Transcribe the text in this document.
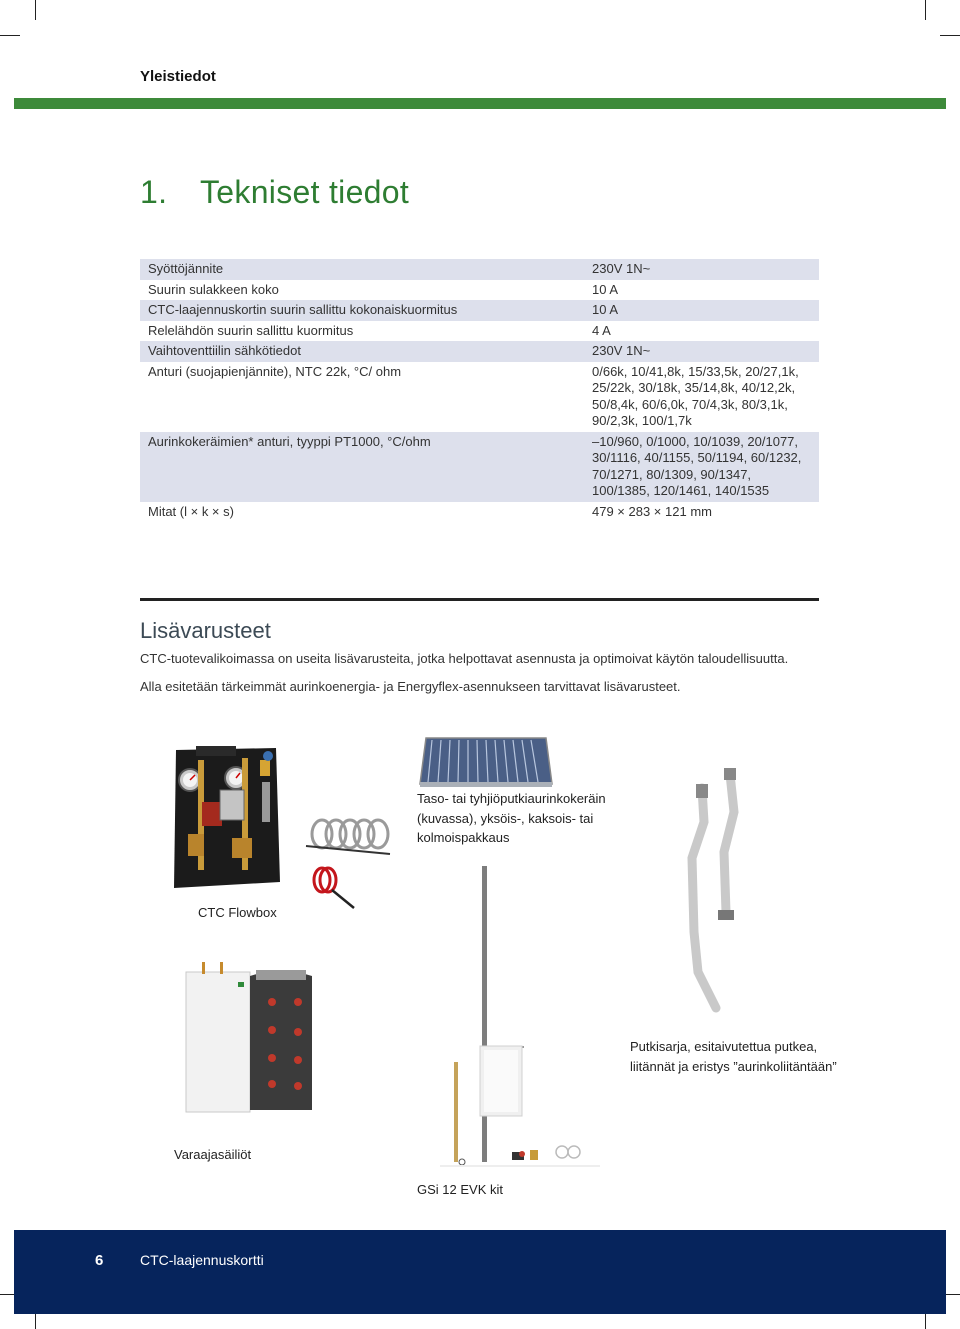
Yleistiedot
1. Tekniset tiedot
Syöttöjännite	230V 1N~
Suurin sulakkeen koko	10 A
CTC-laajennuskortin suurin sallittu kokonaiskuormitus	10 A
Relelähdön suurin sallittu kuormitus	4 A
Vaihtoventtiilin sähkötiedot	230V 1N~
Anturi (suojapienjännite), NTC 22k, °C/ ohm	0/66k, 10/41,8k, 15/33,5k, 20/27,1k, 25/22k, 30/18k, 35/14,8k, 40/12,2k, 50/8,4k, 60/6,0k, 70/4,3k, 80/3,1k, 90/2,3k, 100/1,7k
Aurinkokeräimien* anturi, tyyppi PT1000, °C/ohm	–10/960, 0/1000, 10/1039, 20/1077, 30/1116, 40/1155, 50/1194, 60/1232, 70/1271, 80/1309, 90/1347, 100/1385, 120/1461, 140/1535
Mitat (l × k × s)	479 × 283 × 121 mm
Lisävarusteet
CTC-tuotevalikoimassa on useita lisävarusteita, jotka helpottavat asennusta ja optimoivat käytön taloudellisuutta.
Alla esitetään tärkeimmät aurinkoenergia- ja Energyflex-asennukseen tarvittavat lisävarusteet.
Taso- tai tyhjiöputkiaurinkokeräin
(kuvassa), yksöis-, kaksois- tai
kolmoispakkaus
CTC Flowbox
Putkisarja, esitaivutettua putkea,
liitännät ja eristys ”aurinkoliitäntään”
Varaajasäiliöt
GSi 12 EVK kit
6	CTC-laajennuskortti
